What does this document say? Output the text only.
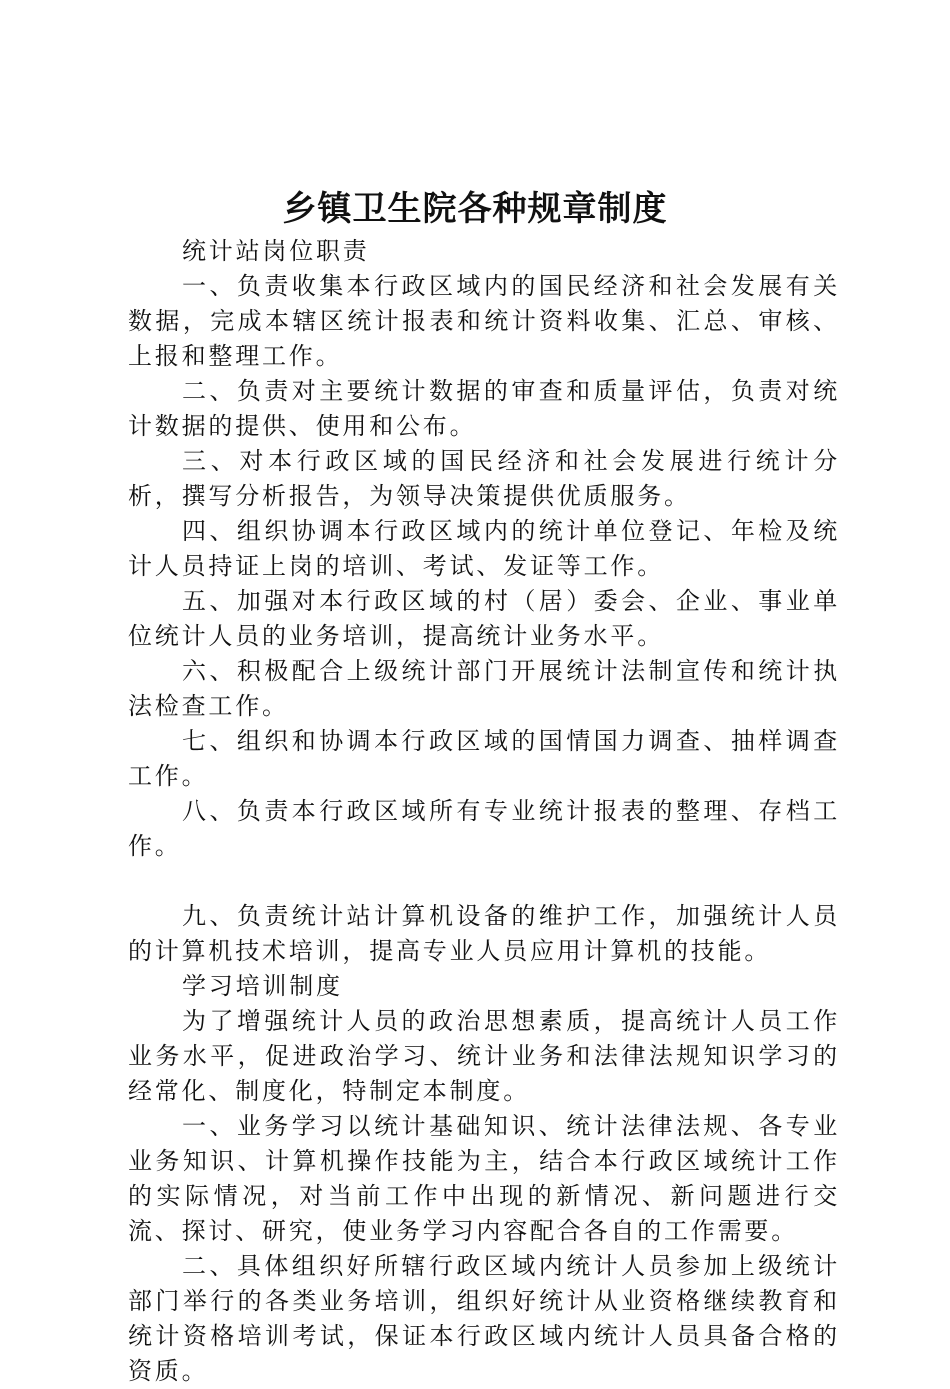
乡镇卫生院各种规章制度

统计站岗位职责

一、负责收集本行政区域内的国民经济和社会发展有关数据，完成本辖区统计报表和统计资料收集、汇总、审核、上报和整理工作。

二、负责对主要统计数据的审查和质量评估，负责对统计数据的提供、使用和公布。

三、对本行政区域的国民经济和社会发展进行统计分析，撰写分析报告，为领导决策提供优质服务。

四、组织协调本行政区域内的统计单位登记、年检及统计人员持证上岗的培训、考试、发证等工作。

五、加强对本行政区域的村（居）委会、企业、事业单位统计人员的业务培训，提高统计业务水平。

六、积极配合上级统计部门开展统计法制宣传和统计执法检查工作。

七、组织和协调本行政区域的国情国力调查、抽样调查工作。

八、负责本行政区域所有专业统计报表的整理、存档工作。

九、负责统计站计算机设备的维护工作，加强统计人员的计算机技术培训，提高专业人员应用计算机的技能。

学习培训制度

为了增强统计人员的政治思想素质，提高统计人员工作业务水平，促进政治学习、统计业务和法律法规知识学习的经常化、制度化，特制定本制度。

一、业务学习以统计基础知识、统计法律法规、各专业业务知识、计算机操作技能为主，结合本行政区域统计工作的实际情况，对当前工作中出现的新情况、新问题进行交流、探讨、研究，使业务学习内容配合各自的工作需要。

二、具体组织好所辖行政区域内统计人员参加上级统计部门举行的各类业务培训，组织好统计从业资格继续教育和统计资格培训考试，保证本行政区域内统计人员具备合格的资质。
